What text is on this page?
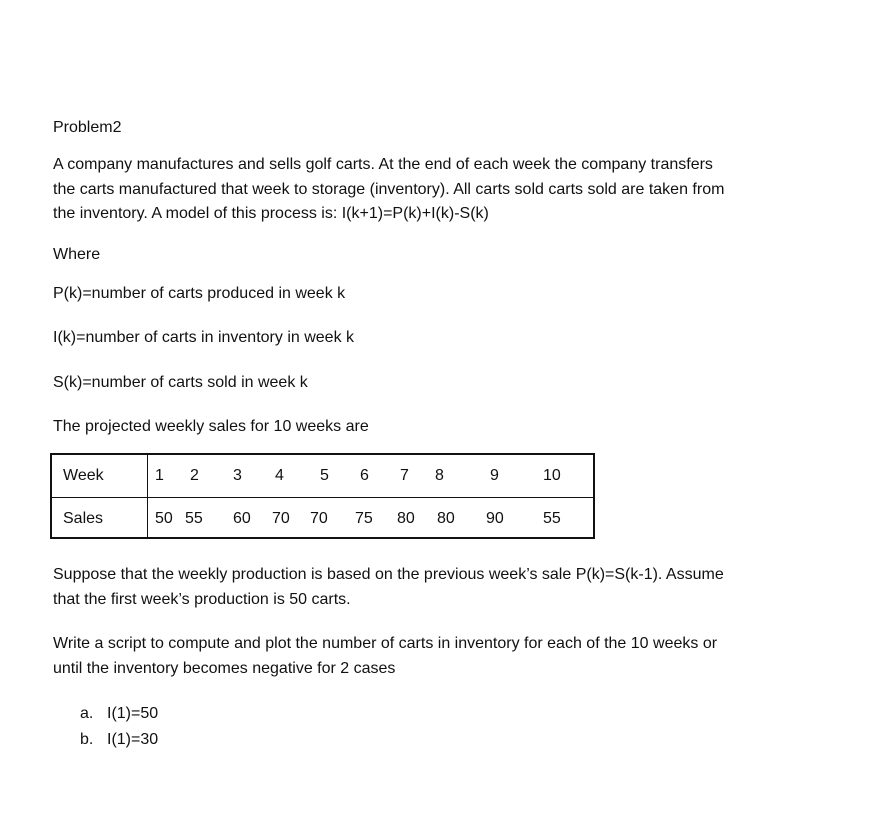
Problem2
A company manufactures and sells golf carts. At the end of each week the company transfers
the carts manufactured that week to storage (inventory). All carts sold carts sold are taken from
the inventory. A model of this process is: I(k+1)=P(k)+I(k)-S(k)
Where
P(k)=number of carts produced in week k
I(k)=number of carts in inventory in week k
S(k)=number of carts sold in week k
The projected weekly sales for 10 weeks are
Week	1 2 3 4 5 6 7 8	9	10
Sales	50 55 60 70 70 75 80 80 90 55
Suppose that the weekly production is based on the previous week’s sale P(k)=S(k-1). Assume
that the first week’s production is 50 carts.
Write a script to compute and plot the number of carts in inventory for each of the 10 weeks or
until the inventory becomes negative for 2 cases
a. I(1)=50
b. I(1)=30
